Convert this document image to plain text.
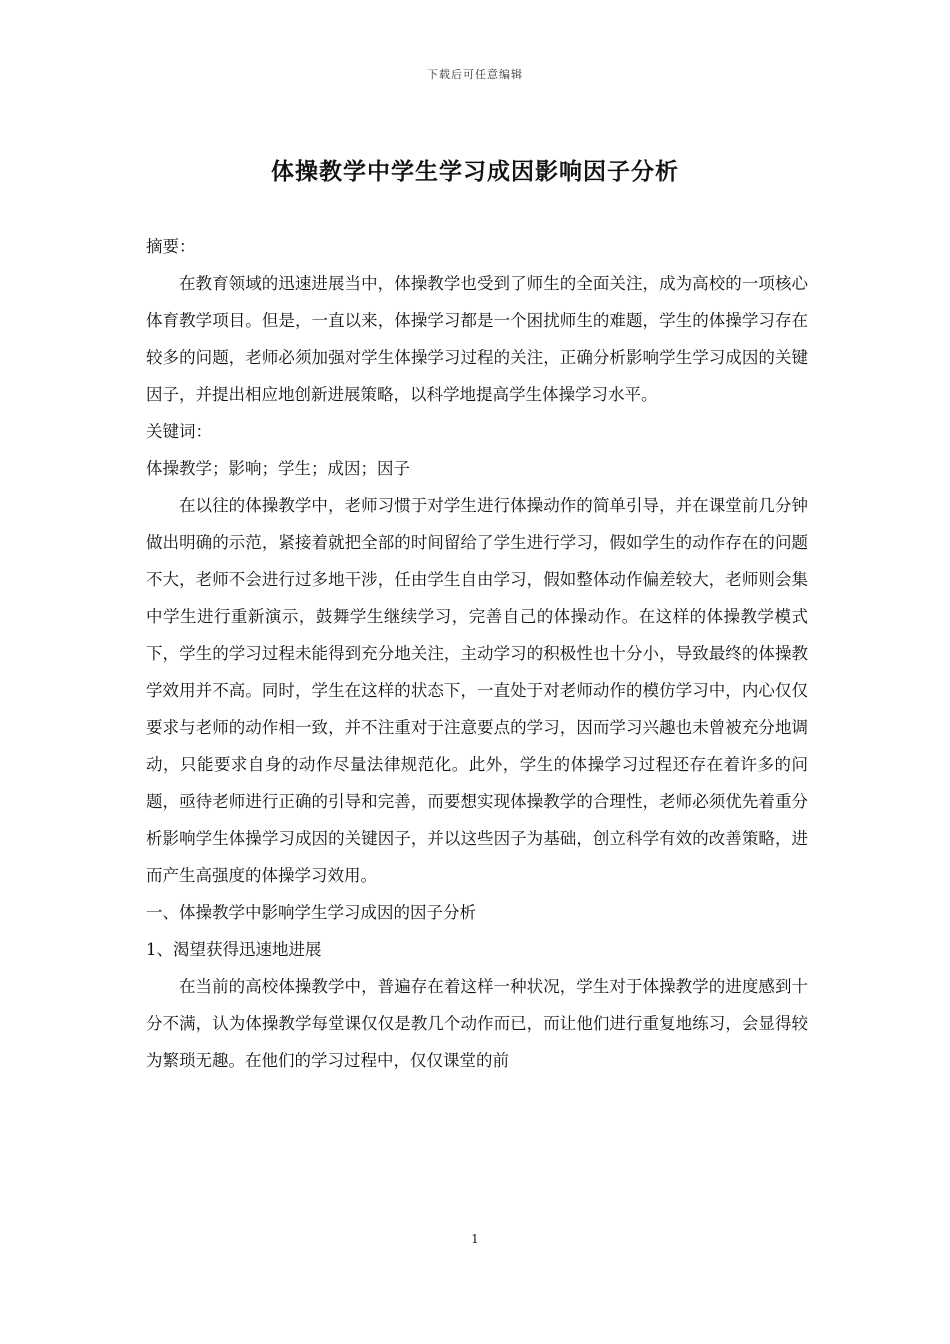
下载后可任意编辑
体操教学中学生学习成因影响因子分析

摘要：

在教育领域的迅速进展当中，体操教学也受到了师生的全面关注，成为高校的一项核心体育教学项目。但是，一直以来，体操学习都是一个困扰师生的难题，学生的体操学习存在较多的问题，老师必须加强对学生体操学习过程的关注，正确分析影响学生学习成因的关键因子，并提出相应地创新进展策略，以科学地提高学生体操学习水平。

关键词：

体操教学；影响；学生；成因；因子

在以往的体操教学中，老师习惯于对学生进行体操动作的简单引导，并在课堂前几分钟做出明确的示范，紧接着就把全部的时间留给了学生进行学习，假如学生的动作存在的问题不大，老师不会进行过多地干涉，任由学生自由学习，假如整体动作偏差较大，老师则会集中学生进行重新演示，鼓舞学生继续学习，完善自己的体操动作。在这样的体操教学模式下，学生的学习过程未能得到充分地关注，主动学习的积极性也十分小，导致最终的体操教学效用并不高。同时，学生在这样的状态下，一直处于对老师动作的模仿学习中，内心仅仅要求与老师的动作相一致，并不注重对于注意要点的学习，因而学习兴趣也未曾被充分地调动，只能要求自身的动作尽量法律规范化。此外，学生的体操学习过程还存在着许多的问题，亟待老师进行正确的引导和完善，而要想实现体操教学的合理性，老师必须优先着重分析影响学生体操学习成因的关键因子，并以这些因子为基础，创立科学有效的改善策略，进而产生高强度的体操学习效用。

一、体操教学中影响学生学习成因的因子分析

1、渴望获得迅速地进展

在当前的高校体操教学中，普遍存在着这样一种状况，学生对于体操教学的进度感到十分不满，认为体操教学每堂课仅仅是教几个动作而已，而让他们进行重复地练习，会显得较为繁琐无趣。在他们的学习过程中，仅仅课堂的前

1
